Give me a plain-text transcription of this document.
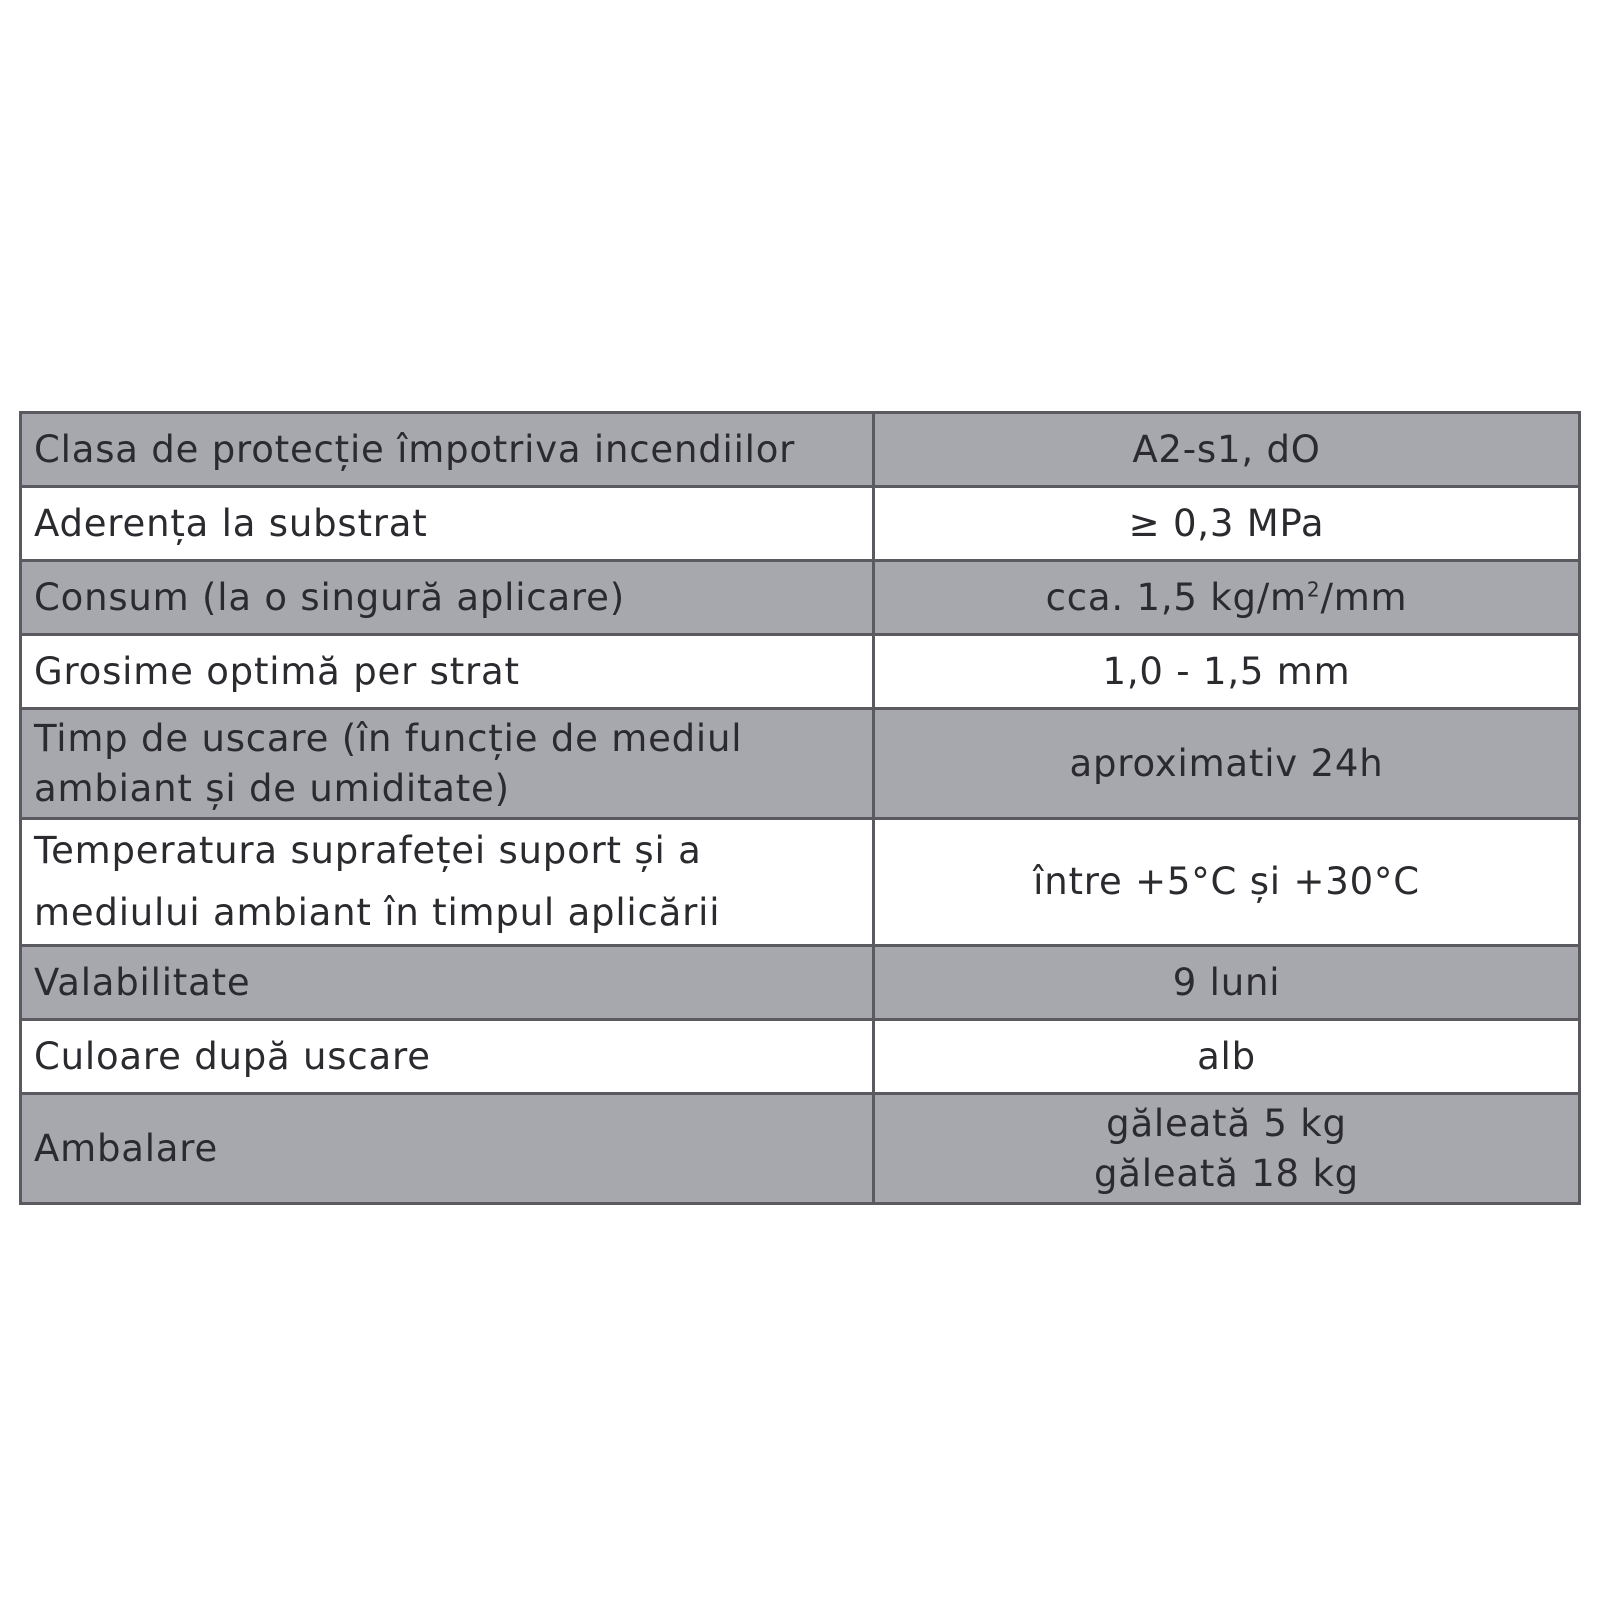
Clasa de protecție împotriva incendiilor	A2-s1, dO
Aderența la substrat	≥ 0,3 MPa
Consum (la o singură aplicare)	cca. 1,5 $kg/m^2/mm$
Grosime optimă per strat	1,0 - 1,5 mm

Timp de uscare (în funcție de mediul
ambiant și de umiditate)	aproximativ 24h

Temperatura suprafeței suport și a
mediului ambiant în timpul aplicării	între +5°C și +30°C
Valabilitate	9 luni
Culoare după uscare	alb
Ambalare	găleată 5 kg
găleată 18 kg
